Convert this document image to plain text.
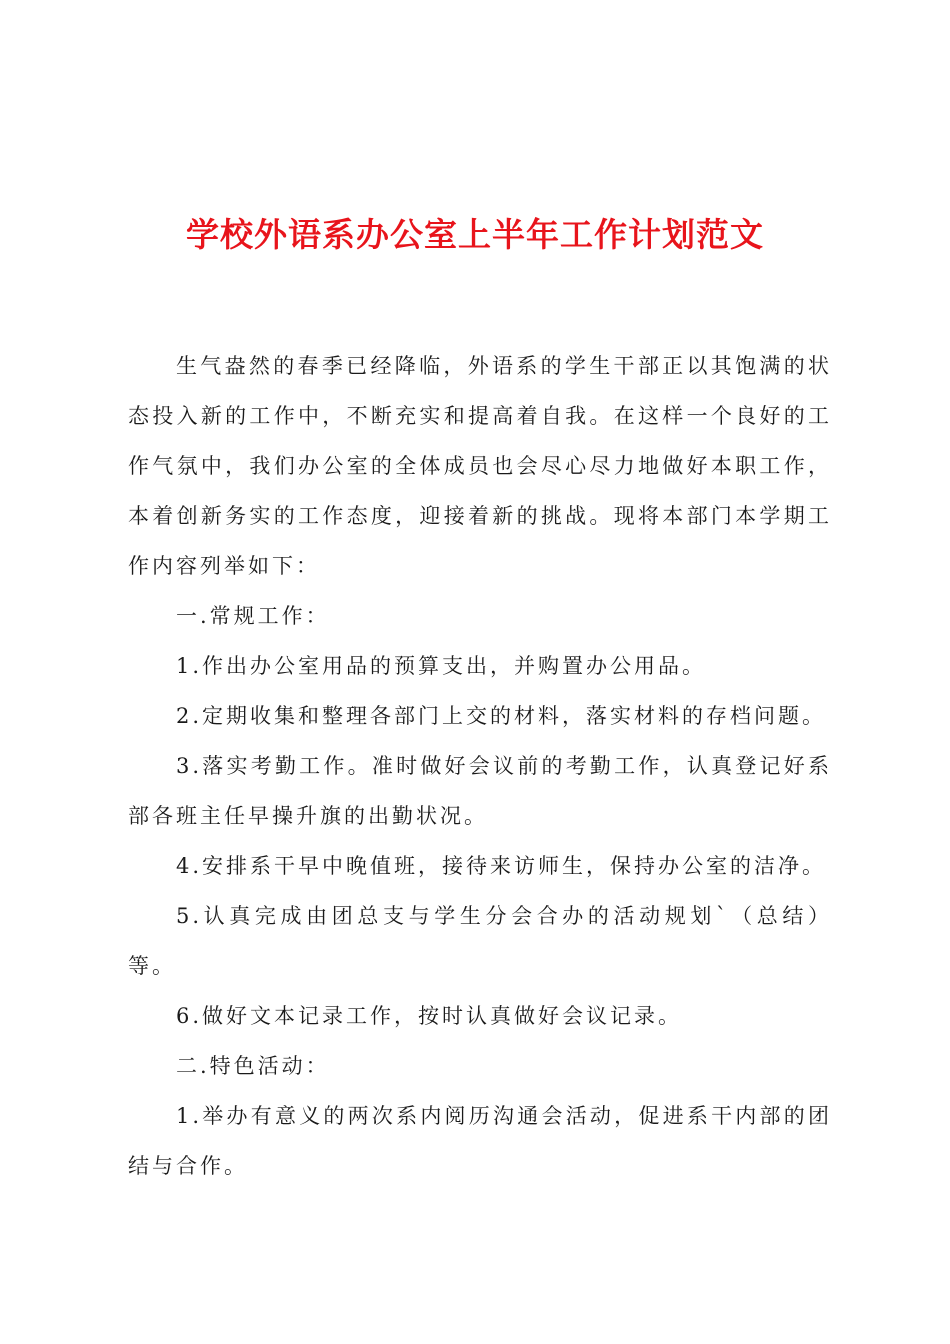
学校外语系办公室上半年工作计划范文

生气盎然的春季已经降临，外语系的学生干部正以其饱满的状态投入新的工作中，不断充实和提高着自我。在这样一个良好的工作气氛中，我们办公室的全体成员也会尽心尽力地做好本职工作，本着创新务实的工作态度，迎接着新的挑战。现将本部门本学期工作内容列举如下：

一.常规工作：

1.作出办公室用品的预算支出，并购置办公用品。

2.定期收集和整理各部门上交的材料，落实材料的存档问题。

3.落实考勤工作。准时做好会议前的考勤工作，认真登记好系部各班主任早操升旗的出勤状况。

4.安排系干早中晚值班，接待来访师生，保持办公室的洁净。

5.认真完成由团总支与学生分会合办的活动规划`（总结）等。

6.做好文本记录工作，按时认真做好会议记录。

二.特色活动：

1.举办有意义的两次系内阅历沟通会活动，促进系干内部的团结与合作。
